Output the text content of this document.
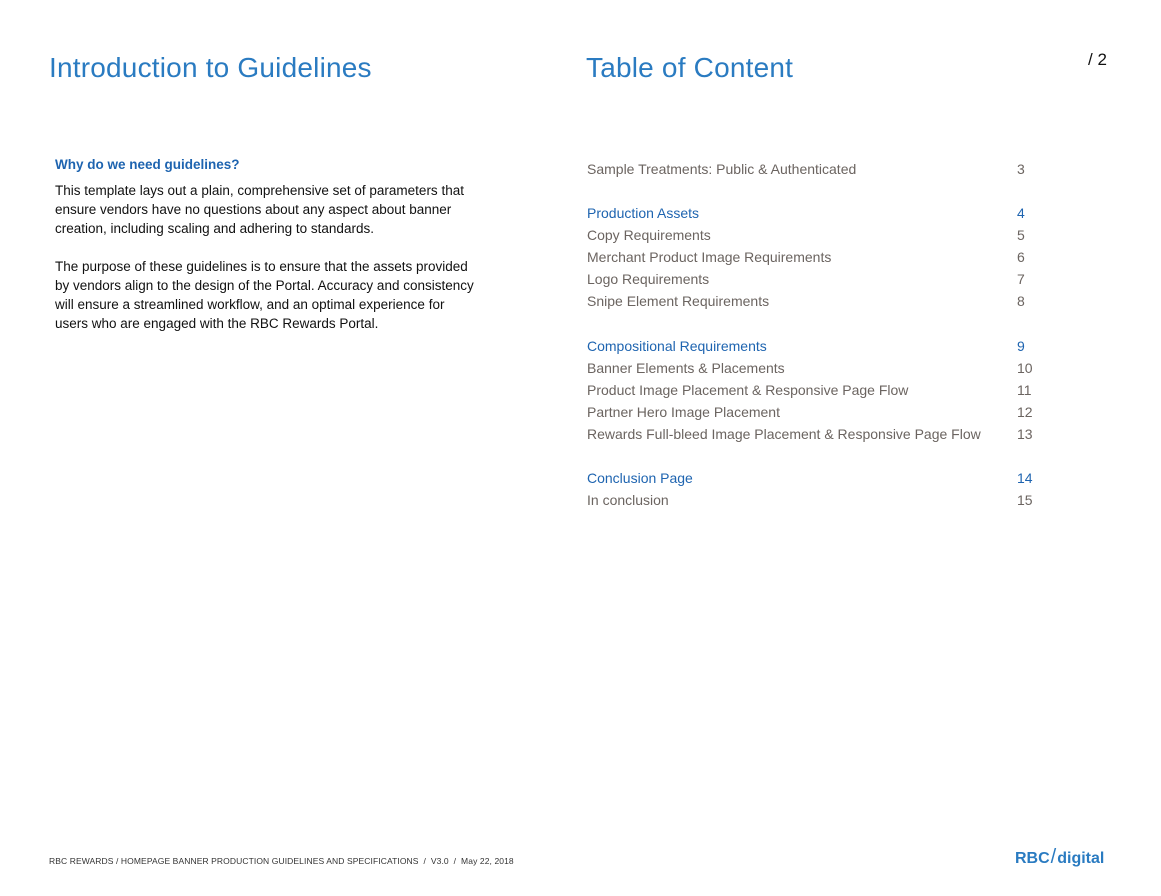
Introduction to Guidelines	Table of Content	/ 2
Why do we need guidelines?

This template lays out a plain, comprehensive set of parameters that ensure vendors have no questions about any aspect about banner creation, including scaling and adhering to standards.

The purpose of these guidelines is to ensure that the assets provided by vendors align to the design of the Portal. Accuracy and consistency will ensure a streamlined workflow, and an optimal experience for users who are engaged with the RBC Rewards Portal.

Sample Treatments: Public & Authenticated	3
Production Assets	4
Copy Requirements	5
Merchant Product Image Requirements	6
Logo Requirements	7
Snipe Element Requirements	8
Compositional Requirements	9
Banner Elements & Placements	10
Product Image Placement & Responsive Page Flow	11
Partner Hero Image Placement	12
Rewards Full-bleed Image Placement & Responsive Page Flow	13
Conclusion Page	14
In conclusion	15
RBC REWARDS / HOMEPAGE BANNER PRODUCTION GUIDELINES AND SPECIFICATIONS  /  V3.0  /  May 22, 2018	RBC/digital
